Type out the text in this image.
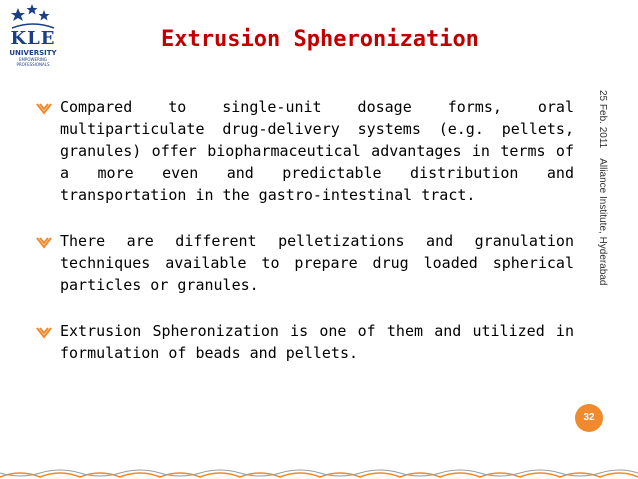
KLE
UNIVERSITY
EMPOWERING PROFESSIONALS
Extrusion Spheronization
25 Feb. 2011Alliance Institute, Hyderabad
Compared to single-unit dosage forms, oral multiparticulate drug-delivery systems (e.g. pellets, granules) offer biopharmaceutical advantages in terms of a more even and predictable distribution and transportation in the gastro-intestinal tract.
There are different pelletizations and granulation techniques available to prepare drug loaded spherical particles or granules.
Extrusion Spheronization is one of them and utilized in formulation of beads and pellets.
32
